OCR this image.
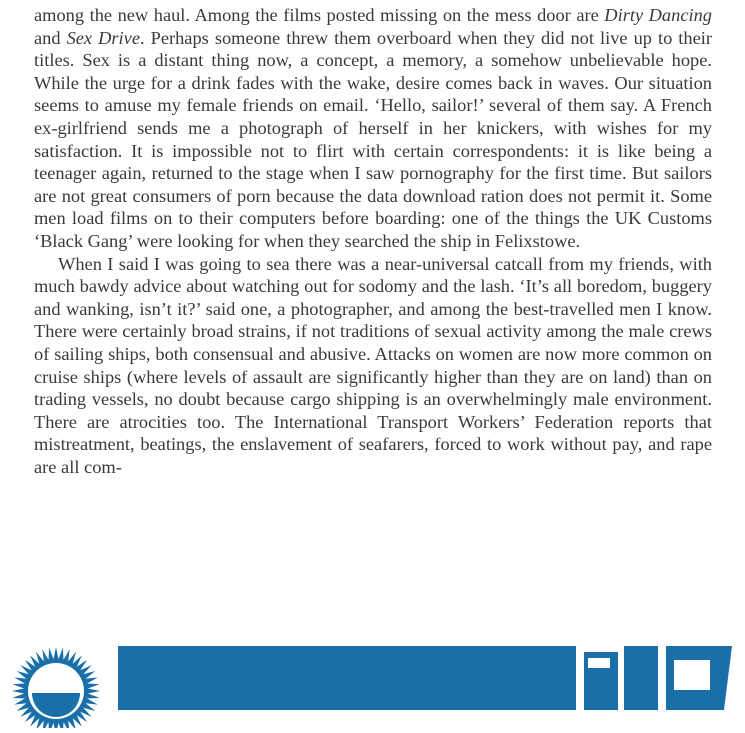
among the new haul. Among the films posted missing on the mess door are Dirty Dancing and Sex Drive. Perhaps someone threw them overboard when they did not live up to their titles. Sex is a distant thing now, a concept, a memory, a somehow unbelievable hope. While the urge for a drink fades with the wake, desire comes back in waves. Our situation seems to amuse my female friends on email. ‘Hello, sailor!’ several of them say. A French ex-girlfriend sends me a photograph of herself in her knickers, with wishes for my satisfaction. It is impossible not to flirt with certain correspondents: it is like being a teenager again, returned to the stage when I saw pornography for the first time. But sailors are not great consumers of porn because the data download ration does not permit it. Some men load films on to their computers before boarding: one of the things the UK Customs ‘Black Gang’ were looking for when they searched the ship in Felixstowe.

When I said I was going to sea there was a near-universal catcall from my friends, with much bawdy advice about watching out for sodomy and the lash. ‘It’s all boredom, buggery and wanking, isn’t it?’ said one, a photographer, and among the best-travelled men I know. There were certainly broad strains, if not traditions of sexual activity among the male crews of sailing ships, both consensual and abusive. Attacks on women are now more common on cruise ships (where levels of assault are significantly higher than they are on land) than on trading vessels, no doubt because cargo shipping is an overwhelmingly male environment. There are atrocities too. The International Transport Workers’ Federation reports that mistreatment, beatings, the enslavement of seafarers, forced to work without pay, and rape are all com-
